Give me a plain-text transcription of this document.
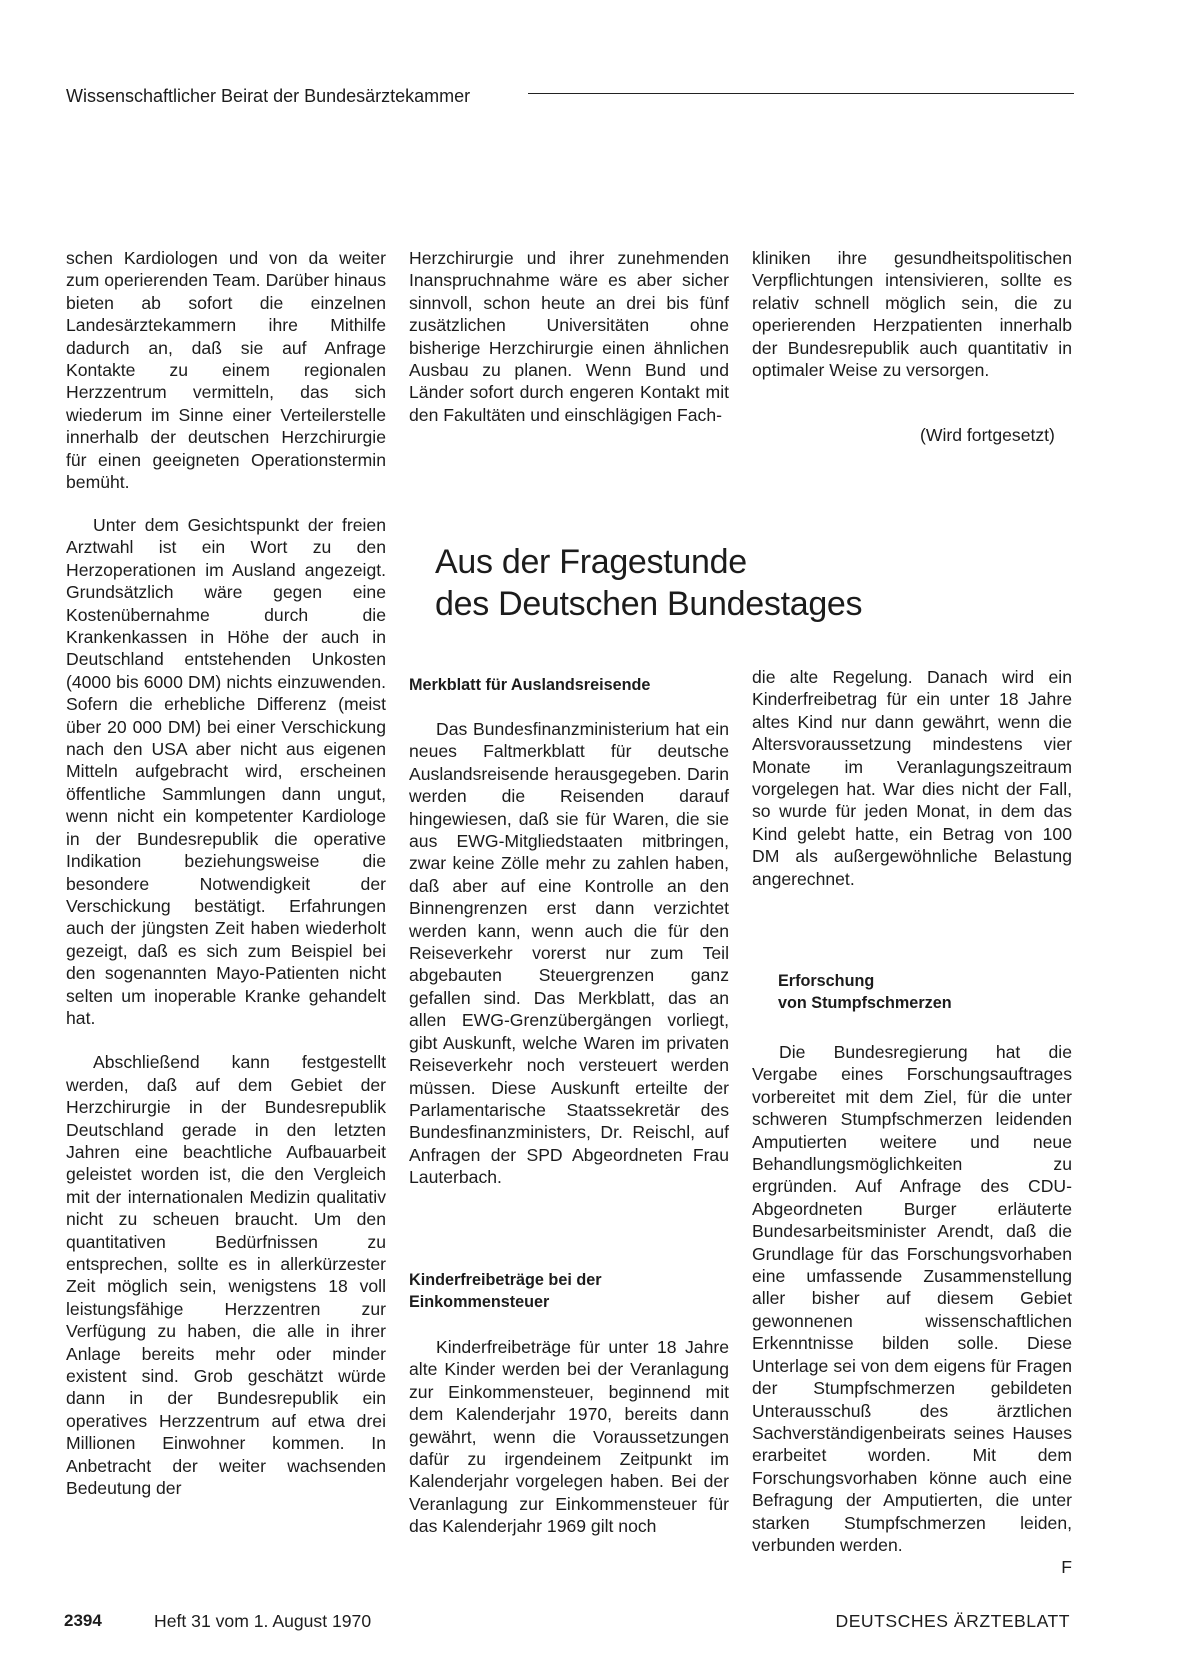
Wissenschaftlicher Beirat der Bundesärztekammer

schen Kardiologen und von da weiter zum operierenden Team. Darüber hinaus bieten ab sofort die einzelnen Landesärztekammern ihre Mithilfe dadurch an, daß sie auf Anfrage Kontakte zu einem regionalen Herzzentrum vermitteln, das sich wiederum im Sinne einer Verteilerstelle innerhalb der deutschen Herzchirurgie für einen geeigneten Operationstermin bemüht.

Herzchirurgie und ihrer zunehmenden Inanspruchnahme wäre es aber sicher sinnvoll, schon heute an drei bis fünf zusätzlichen Universitäten ohne bisherige Herzchirurgie einen ähnlichen Ausbau zu planen. Wenn Bund und Länder sofort durch engeren Kontakt mit den Fakultäten und einschlägigen Fach-

kliniken ihre gesundheitspolitischen Verpflichtungen intensivieren, sollte es relativ schnell möglich sein, die zu operierenden Herzpatienten innerhalb der Bundesrepublik auch quantitativ in optimaler Weise zu versorgen.

(Wird fortgesetzt)

Unter dem Gesichtspunkt der freien Arztwahl ist ein Wort zu den Herzoperationen im Ausland angezeigt. Grundsätzlich wäre gegen eine Kostenübernahme durch die Krankenkassen in Höhe der auch in Deutschland entstehenden Unkosten (4000 bis 6000 DM) nichts einzuwenden. Sofern die erhebliche Differenz (meist über 20 000 DM) bei einer Verschickung nach den USA aber nicht aus eigenen Mitteln aufgebracht wird, erscheinen öffentliche Sammlungen dann ungut, wenn nicht ein kompetenter Kardiologe in der Bundesrepublik die operative Indikation beziehungsweise die besondere Notwendigkeit der Verschickung bestätigt. Erfahrungen auch der jüngsten Zeit haben wiederholt gezeigt, daß es sich zum Beispiel bei den sogenannten Mayo-Patienten nicht selten um inoperable Kranke gehandelt hat.

Abschließend kann festgestellt werden, daß auf dem Gebiet der Herzchirurgie in der Bundesrepublik Deutschland gerade in den letzten Jahren eine beachtliche Aufbauarbeit geleistet worden ist, die den Vergleich mit der internationalen Medizin qualitativ nicht zu scheuen braucht. Um den quantitativen Bedürfnissen zu entsprechen, sollte es in allerkürzester Zeit möglich sein, wenigstens 18 voll leistungsfähige Herzzentren zur Verfügung zu haben, die alle in ihrer Anlage bereits mehr oder minder existent sind. Grob geschätzt würde dann in der Bundesrepublik ein operatives Herzzentrum auf etwa drei Millionen Einwohner kommen. In Anbetracht der weiter wachsenden Bedeutung der

Aus der Fragestunde
des Deutschen Bundestages
Merkblatt für Auslandsreisende

Das Bundesfinanzministerium hat ein neues Faltmerkblatt für deutsche Auslandsreisende herausgegeben. Darin werden die Reisenden darauf hingewiesen, daß sie für Waren, die sie aus EWG-Mitgliedstaaten mitbringen, zwar keine Zölle mehr zu zahlen haben, daß aber auf eine Kontrolle an den Binnengrenzen erst dann verzichtet werden kann, wenn auch die für den Reiseverkehr vorerst nur zum Teil abgebauten Steuergrenzen ganz gefallen sind. Das Merkblatt, das an allen EWG-Grenzübergängen vorliegt, gibt Auskunft, welche Waren im privaten Reiseverkehr noch versteuert werden müssen. Diese Auskunft erteilte der Parlamentarische Staatssekretär des Bundesfinanzministers, Dr. Reischl, auf Anfragen der SPD Abgeordneten Frau Lauterbach.

Kinderfreibeträge bei der
Einkommensteuer

Kinderfreibeträge für unter 18 Jahre alte Kinder werden bei der Veranlagung zur Einkommensteuer, beginnend mit dem Kalenderjahr 1970, bereits dann gewährt, wenn die Voraussetzungen dafür zu irgendeinem Zeitpunkt im Kalenderjahr vorgelegen haben. Bei der Veranlagung zur Einkommensteuer für das Kalenderjahr 1969 gilt noch

die alte Regelung. Danach wird ein Kinderfreibetrag für ein unter 18 Jahre altes Kind nur dann gewährt, wenn die Altersvoraussetzung mindestens vier Monate im Veranlagungszeitraum vorgelegen hat. War dies nicht der Fall, so wurde für jeden Monat, in dem das Kind gelebt hatte, ein Betrag von 100 DM als außergewöhnliche Belastung angerechnet.

Erforschung
von Stumpfschmerzen

Die Bundesregierung hat die Vergabe eines Forschungsauftrages vorbereitet mit dem Ziel, für die unter schweren Stumpfschmerzen leidenden Amputierten weitere und neue Behandlungsmöglichkeiten zu ergründen. Auf Anfrage des CDU-Abgeordneten Burger erläuterte Bundesarbeitsminister Arendt, daß die Grundlage für das Forschungsvorhaben eine umfassende Zusammenstellung aller bisher auf diesem Gebiet gewonnenen wissenschaftlichen Erkenntnisse bilden solle. Diese Unterlage sei von dem eigens für Fragen der Stumpfschmerzen gebildeten Unterausschuß des ärztlichen Sachverständigenbeirats seines Hauses erarbeitet worden. Mit dem Forschungsvorhaben könne auch eine Befragung der Amputierten, die unter starken Stumpfschmerzen leiden, verbunden werden.
F

2394	Heft 31 vom 1. August 1970	DEUTSCHES ÄRZTEBLATT
